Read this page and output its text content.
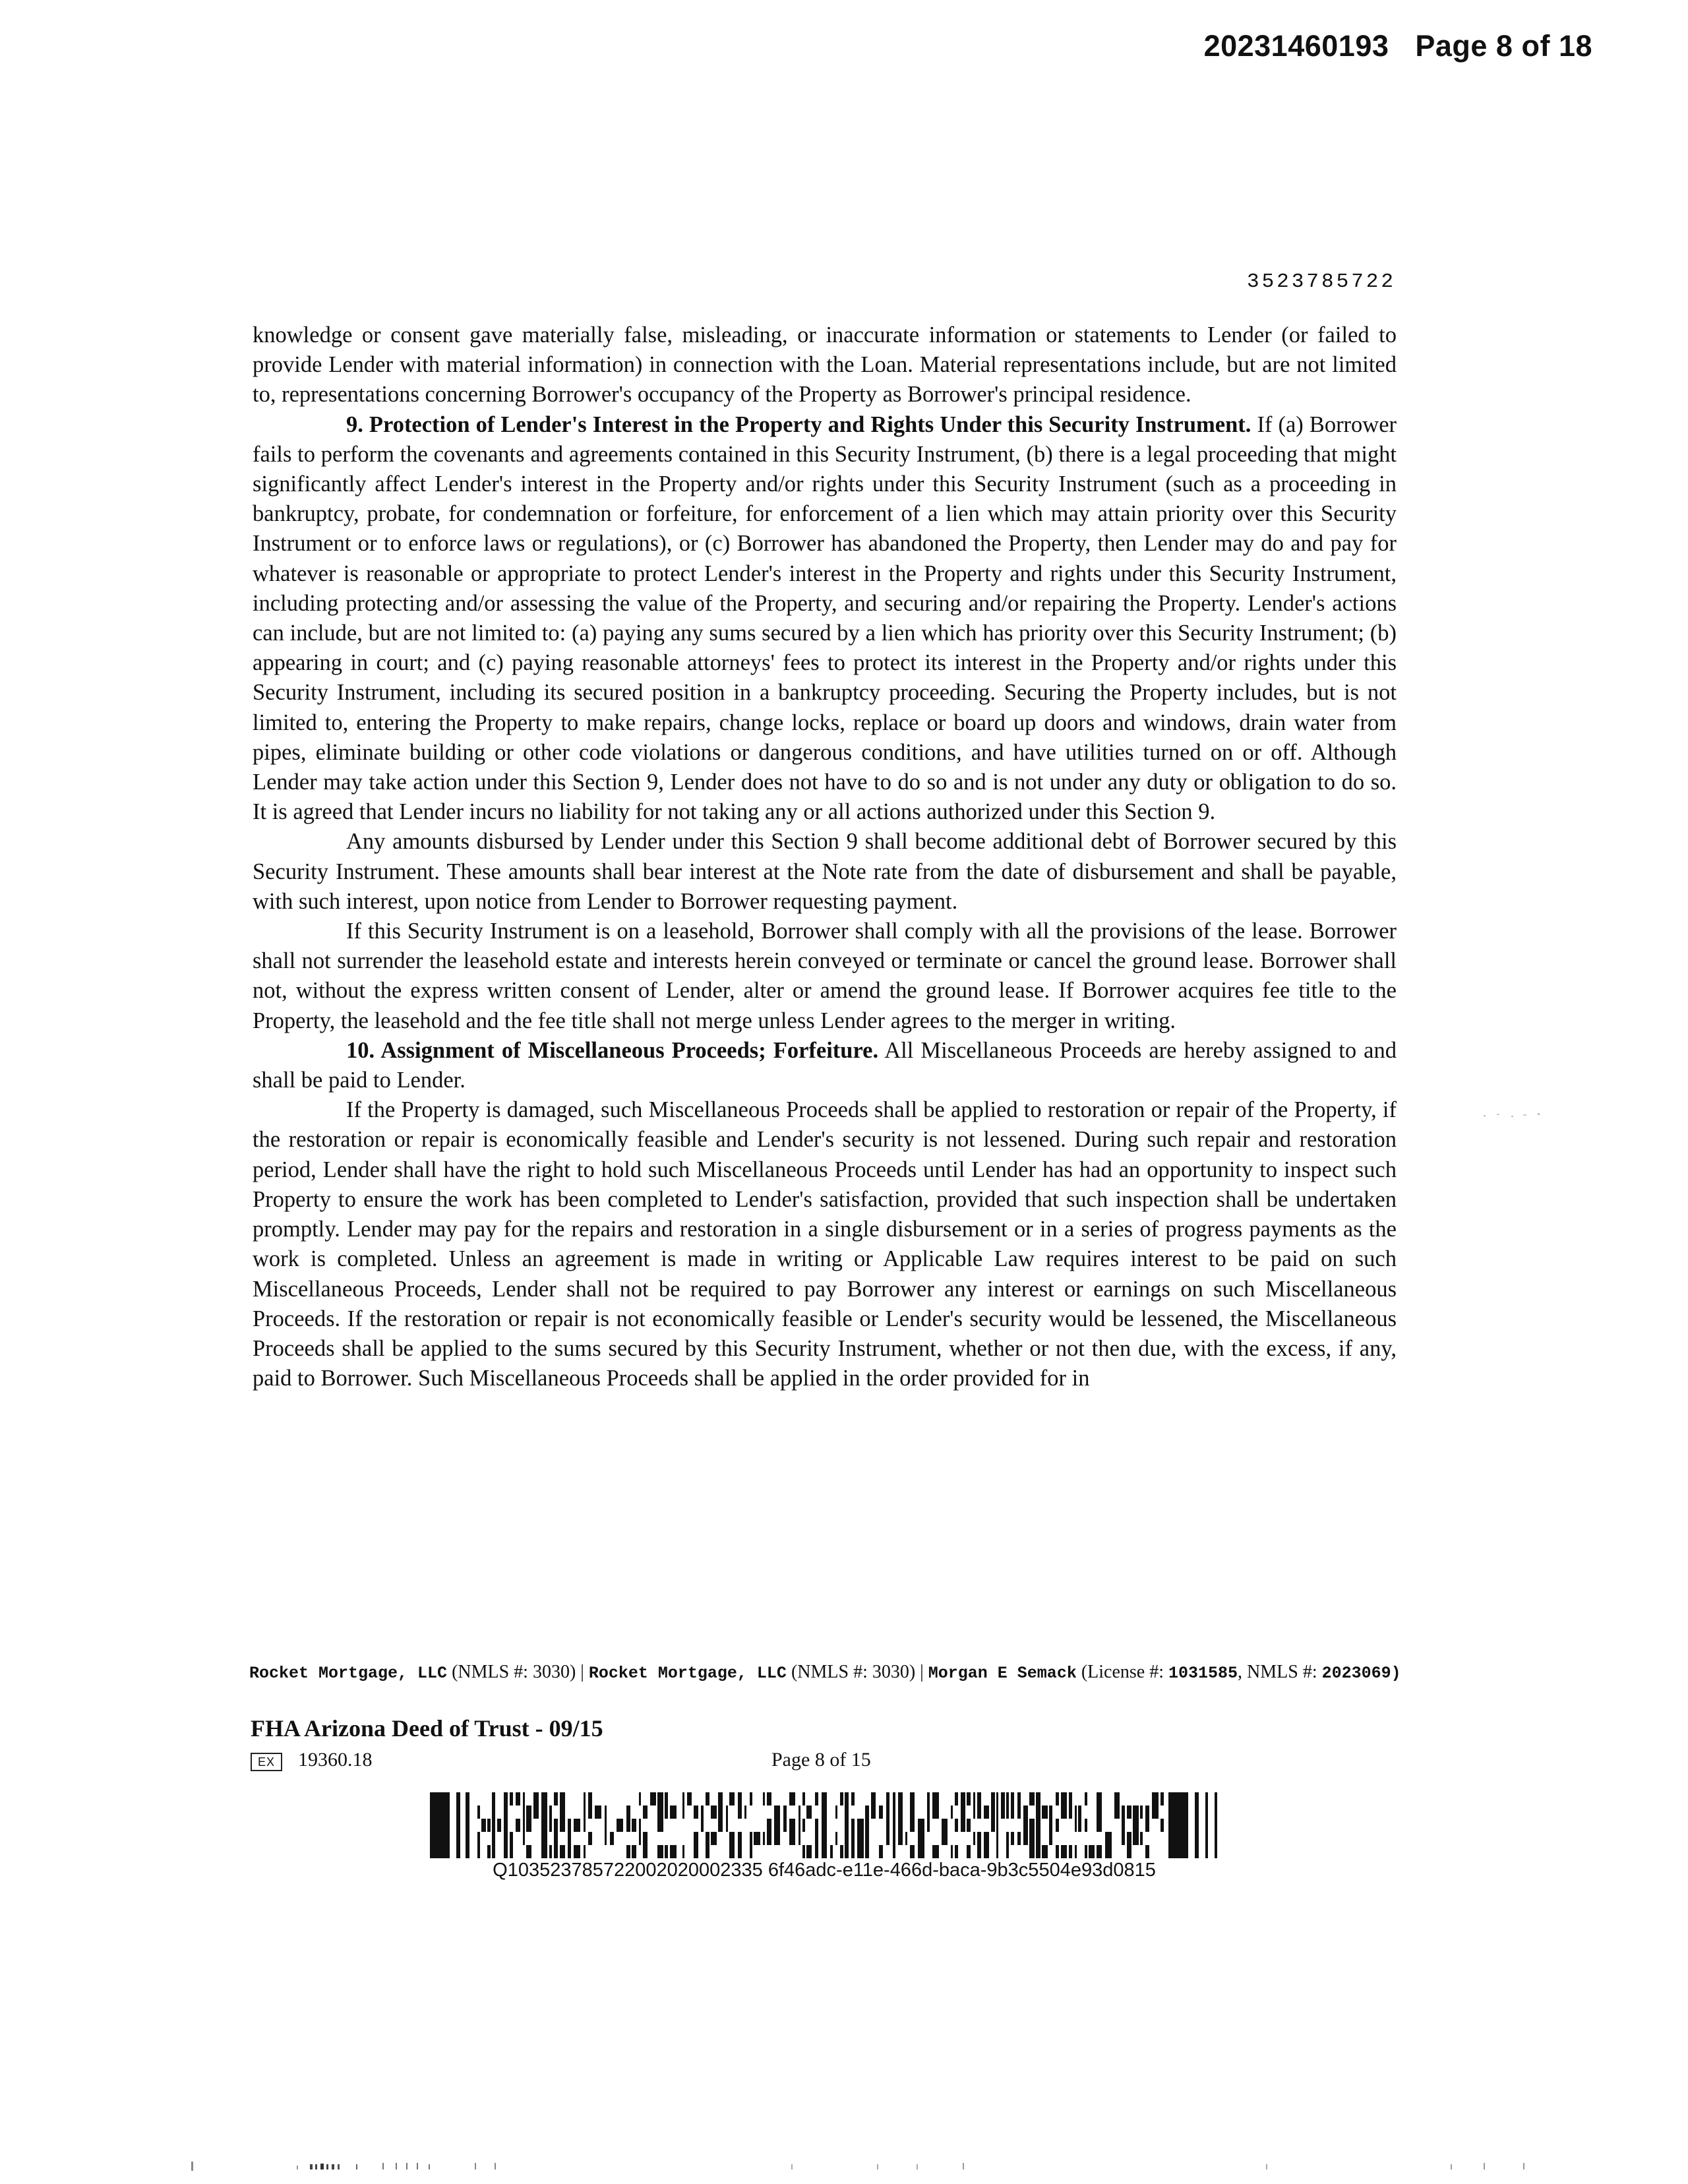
20231460193 Page 8 of 18
3523785722

knowledge or consent gave materially false, misleading, or inaccurate information or statements to Lender (or failed to provide Lender with material information) in connection with the Loan. Material representations include, but are not limited to, representations concerning Borrower's occupancy of the Property as Borrower's principal residence.

9. Protection of Lender's Interest in the Property and Rights Under this Security Instrument. If (a) Borrower fails to perform the covenants and agreements contained in this Security Instrument, (b) there is a legal proceeding that might significantly affect Lender's interest in the Property and/or rights under this Security Instrument (such as a proceeding in bankruptcy, probate, for condemnation or forfeiture, for enforcement of a lien which may attain priority over this Security Instrument or to enforce laws or regulations), or (c) Borrower has abandoned the Property, then Lender may do and pay for whatever is reasonable or appropriate to protect Lender's interest in the Property and rights under this Security Instrument, including protecting and/or assessing the value of the Property, and securing and/or repairing the Property. Lender's actions can include, but are not limited to: (a) paying any sums secured by a lien which has priority over this Security Instrument; (b) appearing in court; and (c) paying reasonable attorneys' fees to protect its interest in the Property and/or rights under this Security Instrument, including its secured position in a bankruptcy proceeding. Securing the Property includes, but is not limited to, entering the Property to make repairs, change locks, replace or board up doors and windows, drain water from pipes, eliminate building or other code violations or dangerous conditions, and have utilities turned on or off. Although Lender may take action under this Section 9, Lender does not have to do so and is not under any duty or obligation to do so. It is agreed that Lender incurs no liability for not taking any or all actions authorized under this Section 9.

Any amounts disbursed by Lender under this Section 9 shall become additional debt of Borrower secured by this Security Instrument. These amounts shall bear interest at the Note rate from the date of disbursement and shall be payable, with such interest, upon notice from Lender to Borrower requesting payment.

If this Security Instrument is on a leasehold, Borrower shall comply with all the provisions of the lease. Borrower shall not surrender the leasehold estate and interests herein conveyed or terminate or cancel the ground lease. Borrower shall not, without the express written consent of Lender, alter or amend the ground lease. If Borrower acquires fee title to the Property, the leasehold and the fee title shall not merge unless Lender agrees to the merger in writing.

10. Assignment of Miscellaneous Proceeds; Forfeiture. All Miscellaneous Proceeds are hereby assigned to and shall be paid to Lender.

If the Property is damaged, such Miscellaneous Proceeds shall be applied to restoration or repair of the Property, if the restoration or repair is economically feasible and Lender's security is not lessened. During such repair and restoration period, Lender shall have the right to hold such Miscellaneous Proceeds until Lender has had an opportunity to inspect such Property to ensure the work has been completed to Lender's satisfaction, provided that such inspection shall be undertaken promptly. Lender may pay for the repairs and restoration in a single disbursement or in a series of progress payments as the work is completed. Unless an agreement is made in writing or Applicable Law requires interest to be paid on such Miscellaneous Proceeds, Lender shall not be required to pay Borrower any interest or earnings on such Miscellaneous Proceeds. If the restoration or repair is not economically feasible or Lender's security would be lessened, the Miscellaneous Proceeds shall be applied to the sums secured by this Security Instrument, whether or not then due, with the excess, if any, paid to Borrower. Such Miscellaneous Proceeds shall be applied in the order provided for in

Rocket Mortgage, LLC (NMLS #: 3030) | Rocket Mortgage, LLC (NMLS #: 3030) | Morgan E Semack (License #: 1031585, NMLS #: 2023069)
FHA Arizona Deed of Trust - 09/15
EX	19360.18	Page 8 of 15
Q103523785722002020002335 6f46adc-e11e-466d-baca-9b3c5504e93d0815
